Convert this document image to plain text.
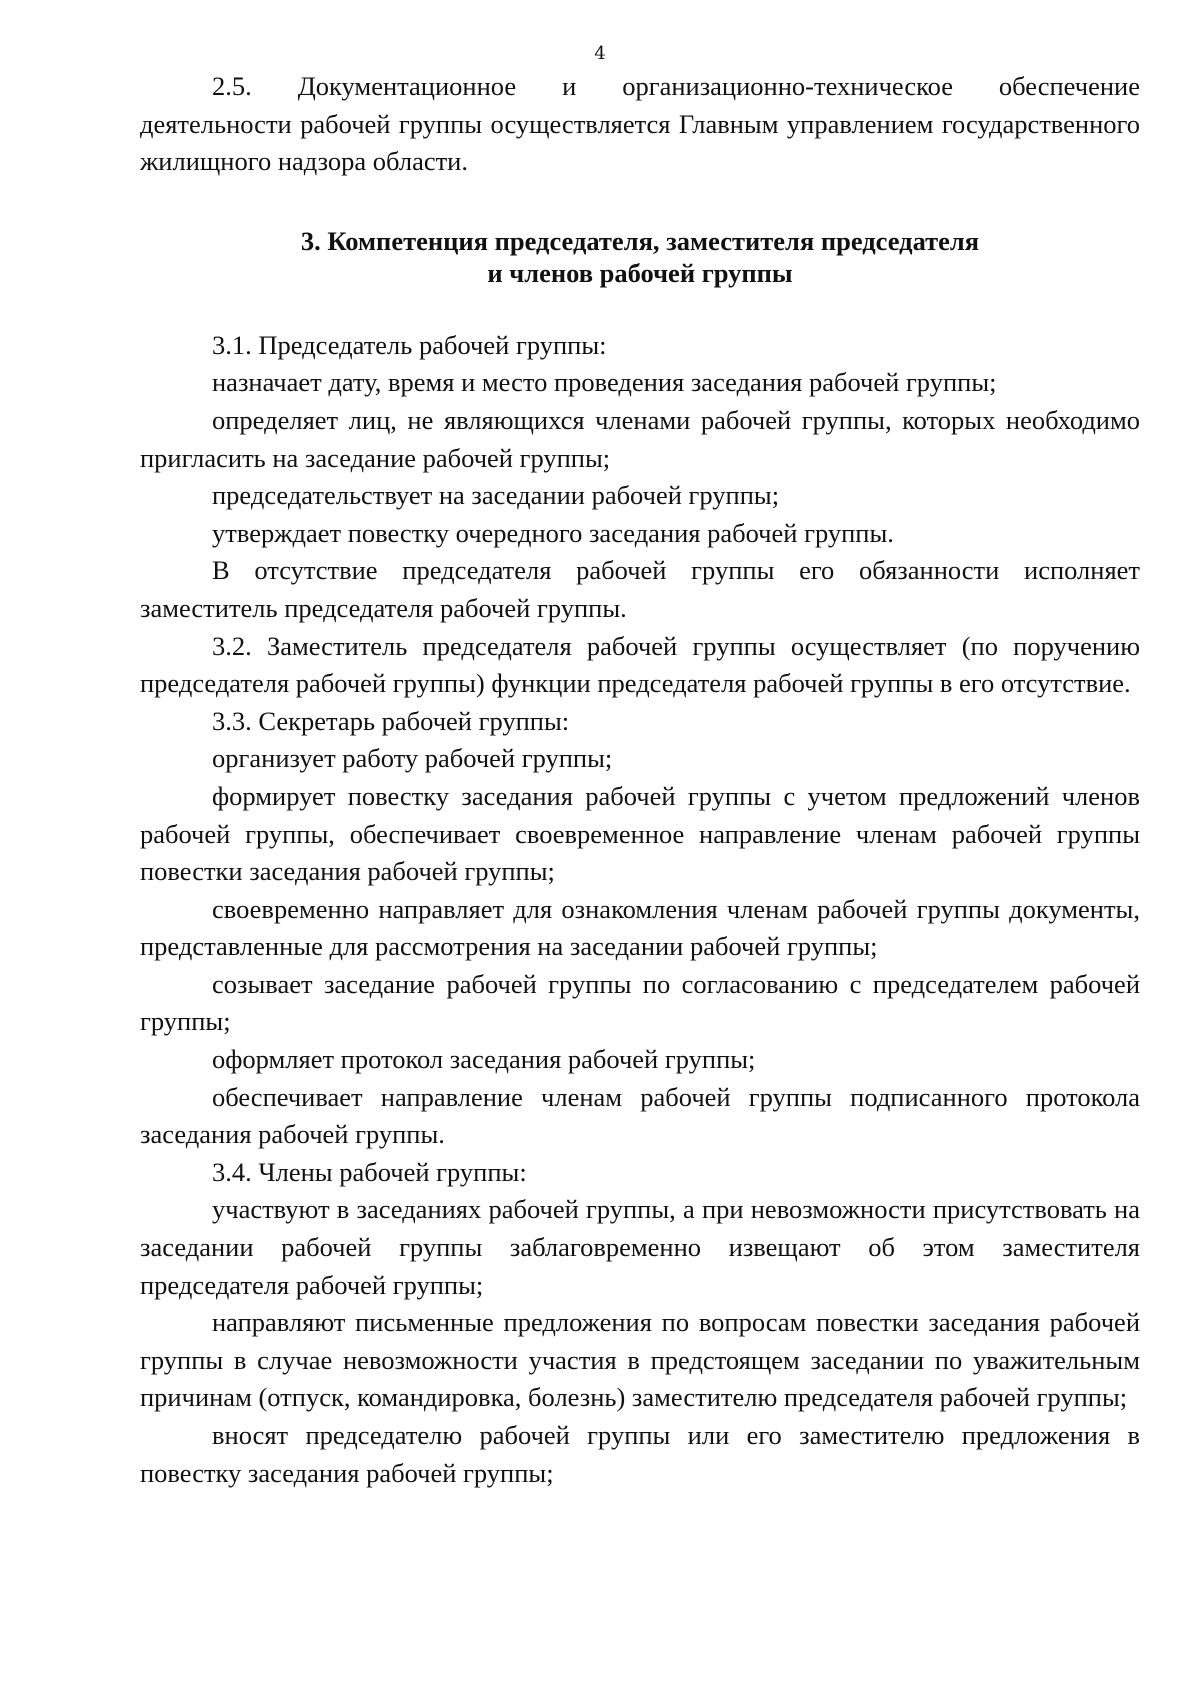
4

2.5. Документационное и организационно-техническое обеспечение деятельности рабочей группы осуществляется Главным управлением государственного жилищного надзора области.

3. Компетенция председателя, заместителя председателя
и членов рабочей группы

3.1. Председатель рабочей группы:

назначает дату, время и место проведения заседания рабочей группы;

определяет лиц, не являющихся членами рабочей группы, которых необходимо пригласить на заседание рабочей группы;

председательствует на заседании рабочей группы;

утверждает повестку очередного заседания рабочей группы.

В отсутствие председателя рабочей группы его обязанности исполняет заместитель председателя рабочей группы.

3.2. Заместитель председателя рабочей группы осуществляет (по поручению председателя рабочей группы) функции председателя рабочей группы в его отсутствие.

3.3. Секретарь рабочей группы:

организует работу рабочей группы;

формирует повестку заседания рабочей группы с учетом предложений членов рабочей группы, обеспечивает своевременное направление членам рабочей группы повестки заседания рабочей группы;

своевременно направляет для ознакомления членам рабочей группы документы, представленные для рассмотрения на заседании рабочей группы;

созывает заседание рабочей группы по согласованию с председателем рабочей группы;

оформляет протокол заседания рабочей группы;

обеспечивает направление членам рабочей группы подписанного протокола заседания рабочей группы.

3.4. Члены рабочей группы:

участвуют в заседаниях рабочей группы, а при невозможности присутствовать на заседании рабочей группы заблаговременно извещают об этом заместителя председателя рабочей группы;

направляют письменные предложения по вопросам повестки заседания рабочей группы в случае невозможности участия в предстоящем заседании по уважительным причинам (отпуск, командировка, болезнь) заместителю председателя рабочей группы;

вносят председателю рабочей группы или его заместителю предложения в повестку заседания рабочей группы;
